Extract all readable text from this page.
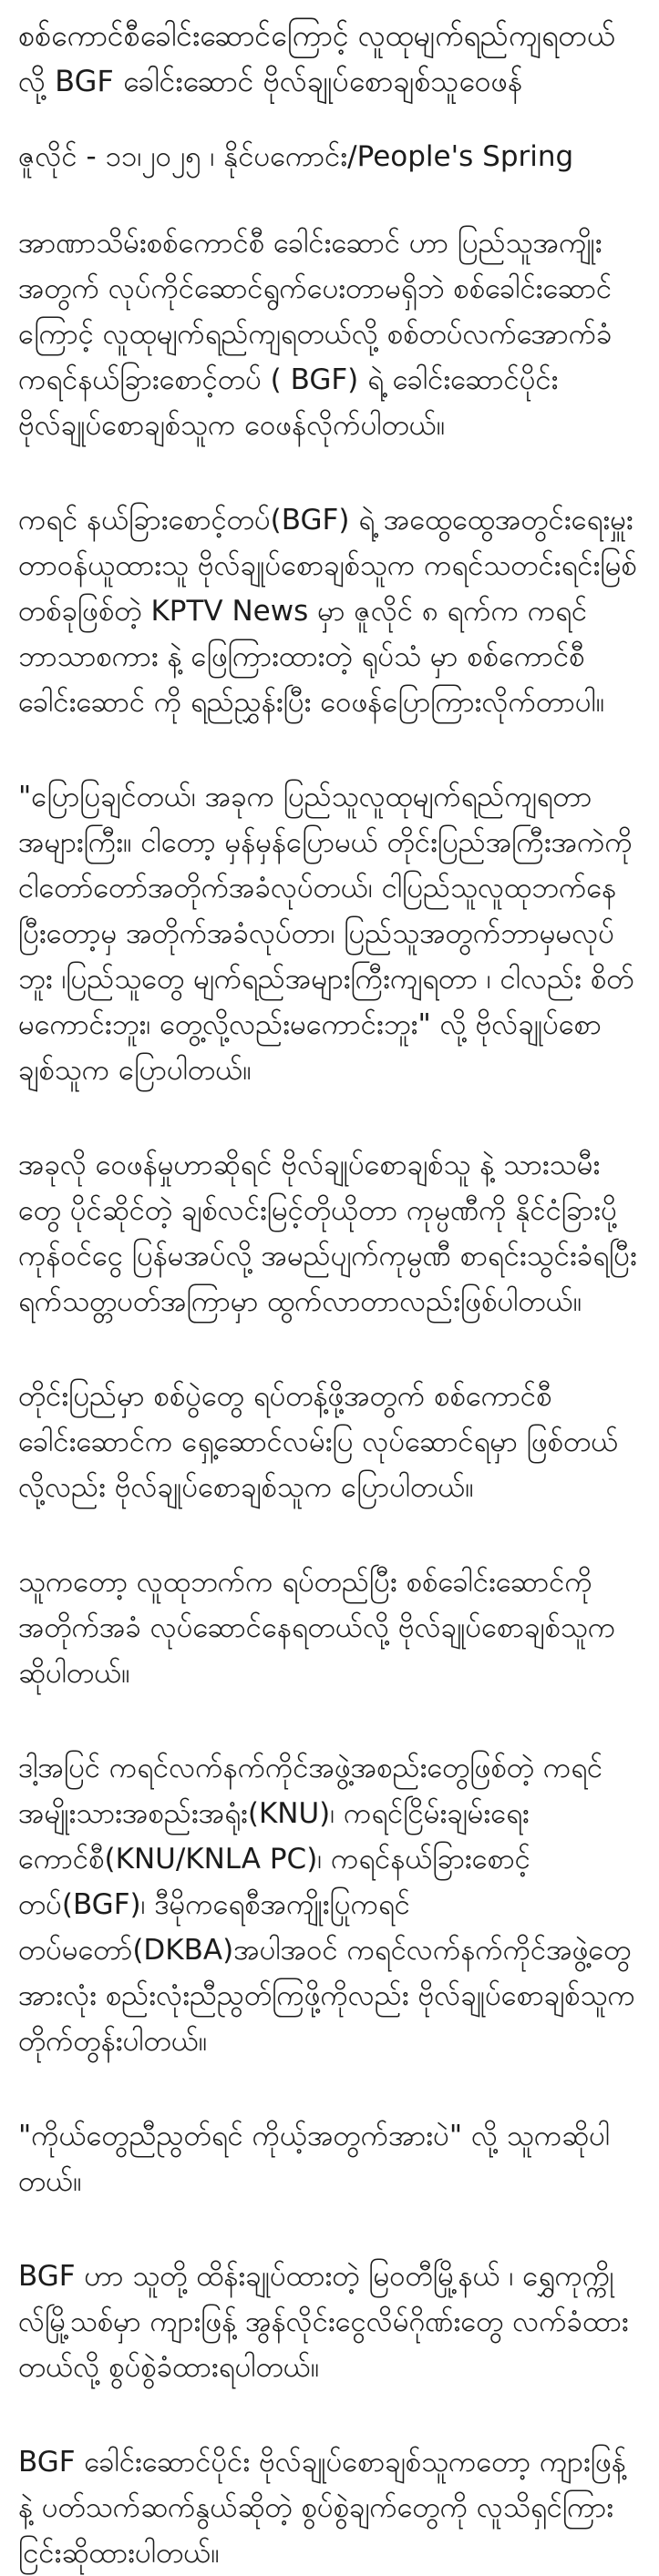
စစ်ကောင်စီခေါင်းဆောင်ကြောင့် လူထုမျက်ရည်ကျရတယ်လို့ BGF ခေါင်းဆောင် ဗိုလ်ချုပ်စောချစ်သူဝေဖန်
ဇူလိုင် - ၁၁၊၂၀၂၅ ၊ နိုင်ပကောင်း/People's Spring

အာဏာသိမ်းစစ်ကောင်စီ ခေါင်းဆောင် ဟာ ပြည်သူအကျိုးအတွက် လုပ်ကိုင်ဆောင်ရွက်ပေးတာမရှိဘဲ စစ်ခေါင်းဆောင်ကြောင့် လူထုမျက်ရည်ကျရတယ်လို့ စစ်တပ်လက်အောက်ခံ ကရင်နယ်ခြားစောင့်တပ် ( BGF) ရဲ့ ခေါင်းဆောင်ပိုင်း ဗိုလ်ချုပ်စောချစ်သူက ဝေဖန်လိုက်ပါတယ်။

ကရင် နယ်ခြားစောင့်တပ်(BGF) ရဲ့ အထွေထွေအတွင်းရေးမှူးတာဝန်ယူထားသူ ဗိုလ်ချုပ်စောချစ်သူက ကရင်သတင်းရင်းမြစ်တစ်ခုဖြစ်တဲ့ KPTV News မှာ ဇူလိုင် ၈ ရက်က ကရင်ဘာသာစကား နဲ့ ဖြေကြားထားတဲ့ ရုပ်သံ မှာ စစ်ကောင်စီခေါင်းဆောင် ကို ရည်ညွှန်းပြီး ဝေဖန်ပြောကြားလိုက်တာပါ။

"ပြောပြချင်တယ်၊ အခုက ပြည်သူလူထုမျက်ရည်ကျရတာ အများကြီး။ ငါတော့ မှန်မှန်ပြောမယ် တိုင်းပြည်အကြီးအကဲကို ငါတော်တော်အတိုက်အခံလုပ်တယ်၊ ငါပြည်သူလူထုဘက်နေပြီးတော့မှ အတိုက်အခံလုပ်တာ၊ ပြည်သူအတွက်ဘာမှမလုပ်ဘူး ၊ပြည်သူတွေ မျက်ရည်အများကြီးကျရတာ ၊ ငါလည်း စိတ်မကောင်းဘူး၊ တွေ့လို့လည်းမကောင်းဘူး" လို့ ဗိုလ်ချုပ်စောချစ်သူက ပြောပါတယ်။

အခုလို ဝေဖန်မှုဟာဆိုရင် ဗိုလ်ချုပ်စောချစ်သူ နဲ့ သားသမီးတွေ ပိုင်ဆိုင်တဲ့ ချစ်လင်းမြင့်တိုယိုတာ ကုမ္ပဏီကို နိုင်ငံခြားပို့ကုန်ဝင်ငွေ ပြန်မအပ်လို့ အမည်ပျက်ကုမ္ပဏီ စာရင်းသွင်းခံရပြီး ရက်သတ္တပတ်အကြာမှာ ထွက်လာတာလည်းဖြစ်ပါတယ်။

တိုင်းပြည်မှာ စစ်ပွဲတွေ ရပ်တန့်ဖို့အတွက် စစ်ကောင်စီခေါင်းဆောင်က ရှေ့ဆောင်လမ်းပြ လုပ်ဆောင်ရမှာ ဖြစ်တယ်လို့လည်း ဗိုလ်ချုပ်စောချစ်သူက ပြောပါတယ်။

သူကတော့ လူထုဘက်က ရပ်တည်ပြီး စစ်ခေါင်းဆောင်ကိုအတိုက်အခံ လုပ်ဆောင်နေရတယ်လို့ ဗိုလ်ချုပ်စောချစ်သူက ဆိုပါတယ်။

ဒါ့အပြင် ကရင်လက်နက်ကိုင်အဖွဲ့အစည်းတွေဖြစ်တဲ့ ကရင်အမျိုးသားအစည်းအရုံး(KNU)၊ ကရင်ငြိမ်းချမ်းရေးကောင်စီ(KNU/KNLA PC)၊ ကရင်နယ်ခြားစောင့်တပ်(BGF)၊ ဒီမိုကရေစီအကျိုးပြုကရင်တပ်မတော်(DKBA)အပါအဝင် ကရင်လက်နက်ကိုင်အဖွဲ့တွေအားလုံး စည်းလုံးညီညွတ်ကြဖို့ကိုလည်း ဗိုလ်ချုပ်စောချစ်သူက တိုက်တွန်းပါတယ်။

"ကိုယ်တွေညီညွတ်ရင် ကိုယ့်အတွက်အားပဲ" လို့ သူကဆိုပါတယ်။

BGF ဟာ သူတို့ ထိန်းချုပ်ထားတဲ့ မြဝတီမြို့နယ် ၊ ရွှေကုက္ကိုလ်မြို့သစ်မှာ ကျားဖြန့် အွန်လိုင်းငွေလိမ်ဂိုဏ်းတွေ လက်ခံထားတယ်လို့ စွပ်စွဲခံထားရပါတယ်။

BGF ခေါင်းဆောင်ပိုင်း ဗိုလ်ချုပ်စောချစ်သူကတော့ ကျားဖြန့်နဲ့ ပတ်သက်ဆက်နွယ်ဆိုတဲ့ စွပ်စွဲချက်တွေကို လူသိရှင်ကြား ငြင်းဆိုထားပါတယ်။
